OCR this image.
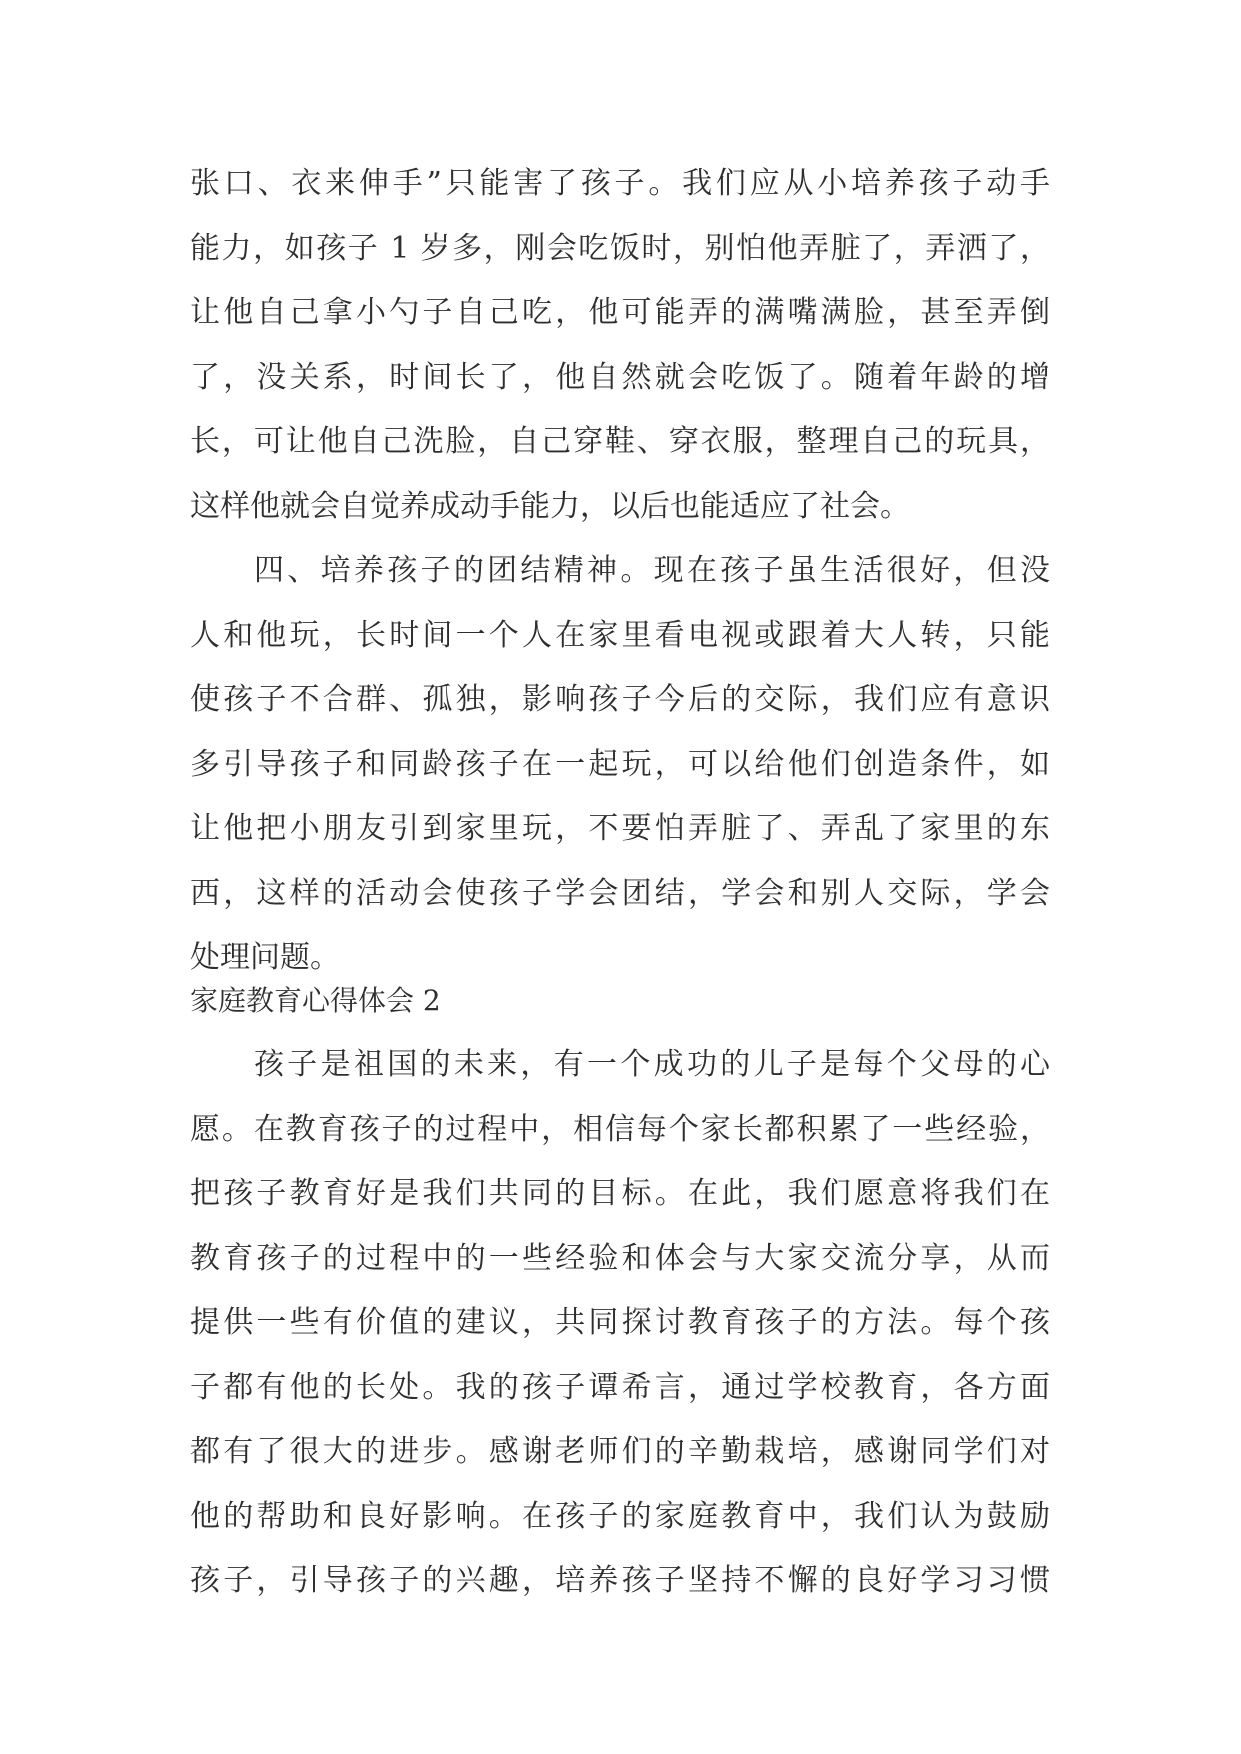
张口、衣来伸手”只能害了孩子。我们应从小培养孩子动手
能力，如孩子 1 岁多，刚会吃饭时，别怕他弄脏了，弄洒了，
让他自己拿小勺子自己吃，他可能弄的满嘴满脸，甚至弄倒
了，没关系，时间长了，他自然就会吃饭了。随着年龄的增
长，可让他自己洗脸，自己穿鞋、穿衣服，整理自己的玩具，
这样他就会自觉养成动手能力，以后也能适应了社会。
四、培养孩子的团结精神。现在孩子虽生活很好，但没
人和他玩，长时间一个人在家里看电视或跟着大人转，只能
使孩子不合群、孤独，影响孩子今后的交际，我们应有意识
多引导孩子和同龄孩子在一起玩，可以给他们创造条件，如
让他把小朋友引到家里玩，不要怕弄脏了、弄乱了家里的东
西，这样的活动会使孩子学会团结，学会和别人交际，学会
处理问题。
家庭教育心得体会 2
孩子是祖国的未来，有一个成功的儿子是每个父母的心
愿。在教育孩子的过程中，相信每个家长都积累了一些经验，
把孩子教育好是我们共同的目标。在此，我们愿意将我们在
教育孩子的过程中的一些经验和体会与大家交流分享，从而
提供一些有价值的建议，共同探讨教育孩子的方法。每个孩
子都有他的长处。我的孩子谭希言，通过学校教育，各方面
都有了很大的进步。感谢老师们的辛勤栽培，感谢同学们对
他的帮助和良好影响。在孩子的家庭教育中，我们认为鼓励
孩子，引导孩子的兴趣，培养孩子坚持不懈的良好学习习惯
